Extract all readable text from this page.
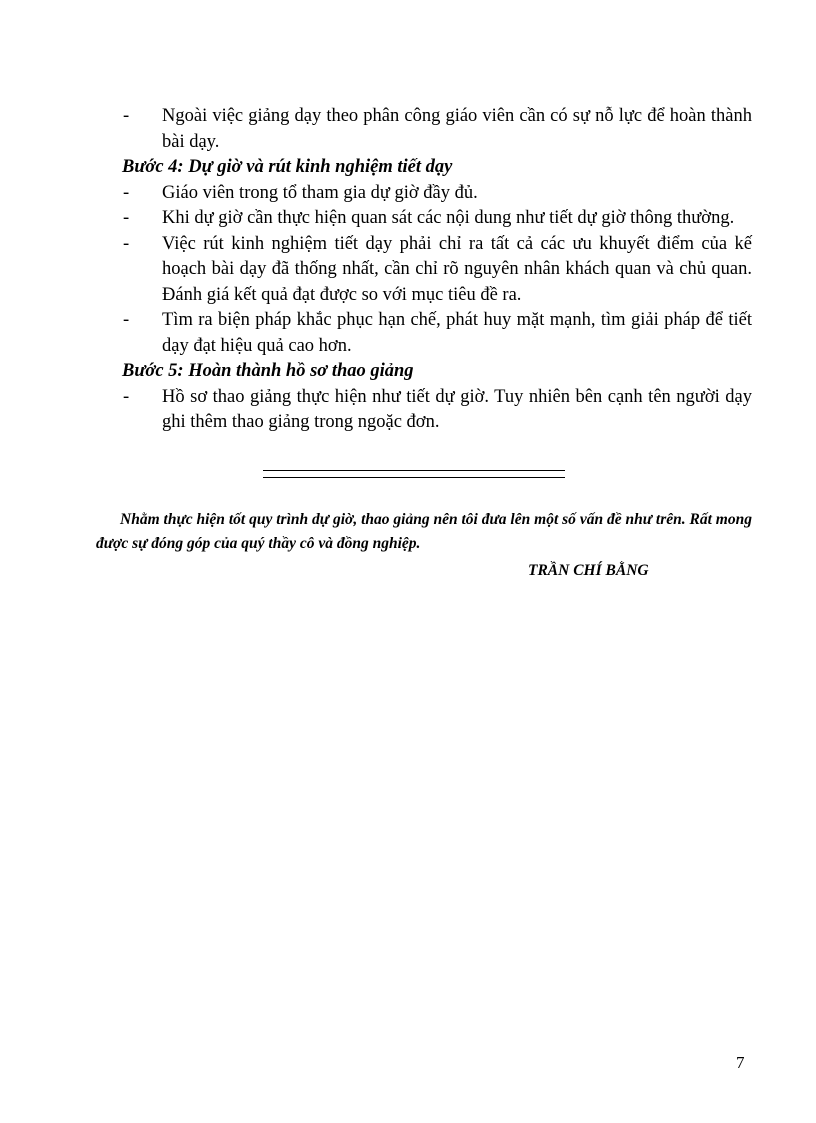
- Ngoài việc giảng dạy theo phân công giáo viên cần có sự nỗ lực để hoàn thành bài dạy.

Bước 4: Dự giờ và rút kinh nghiệm tiết dạy

- Giáo viên trong tổ tham gia dự giờ đầy đủ.
- Khi dự giờ cần thực hiện quan sát các nội dung như tiết dự giờ thông thường.
- Việc rút kinh nghiệm tiết dạy phải chỉ ra tất cả các ưu khuyết điểm của kế hoạch bài dạy đã thống nhất, cần chỉ rõ nguyên nhân khách quan và chủ quan. Đánh giá kết quả đạt được so với mục tiêu đề ra.
- Tìm ra biện pháp khắc phục hạn chế, phát huy mặt mạnh, tìm giải pháp để tiết dạy đạt hiệu quả cao hơn.

Bước 5: Hoàn thành hồ sơ thao giảng

- Hồ sơ thao giảng thực hiện như tiết dự giờ. Tuy nhiên bên cạnh tên người dạy ghi thêm thao giảng trong ngoặc đơn.

Nhằm thực hiện tốt quy trình dự giờ, thao giảng nên tôi đưa lên một số vấn đề như trên. Rất mong được sự đóng góp của quý thầy cô và đồng nghiệp.

TRẦN CHÍ BẰNG
7
